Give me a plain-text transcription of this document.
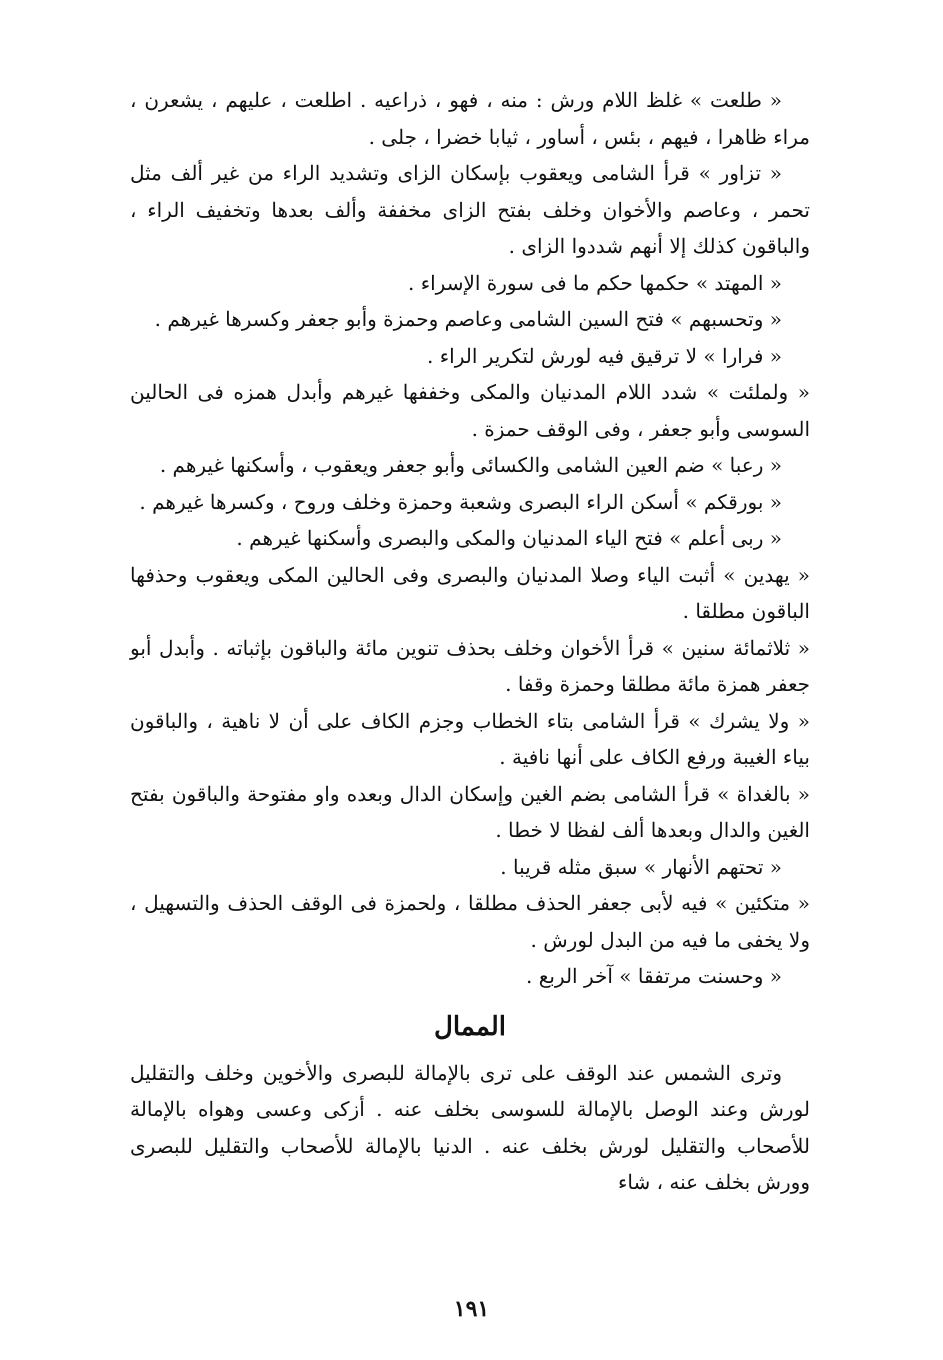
« طلعت » غلظ اللام ورش : منه ، فهو ، ذراعيه . اطلعت ، عليهم ، يشعرن ، مراء ظاهرا ، فيهم ، بئس ، أساور ، ثيابا خضرا ، جلى .

« تزاور » قرأ الشامى ويعقوب بإسكان الزاى وتشديد الراء من غير ألف مثل تحمر ، وعاصم والأخوان وخلف بفتح الزاى مخففة وألف بعدها وتخفيف الراء ، والباقون كذلك إلا أنهم شددوا الزاى .

« المهتد » حكمها حكم ما فى سورة الإسراء .

« وتحسبهم » فتح السين الشامى وعاصم وحمزة وأبو جعفر وكسرها غيرهم .

« فرارا » لا ترقيق فيه لورش لتكرير الراء .

« ولملئت » شدد اللام المدنيان والمكى وخففها غيرهم وأبدل همزه فى الحالين السوسى وأبو جعفر ، وفى الوقف حمزة .

« رعبا » ضم العين الشامى والكسائى وأبو جعفر ويعقوب ، وأسكنها غيرهم .

« بورقكم » أسكن الراء البصرى وشعبة وحمزة وخلف وروح ، وكسرها غيرهم .

« ربى أعلم » فتح الياء المدنيان والمكى والبصرى وأسكنها غيرهم .

« يهدين » أثبت الياء وصلا المدنيان والبصرى وفى الحالين المكى ويعقوب وحذفها الباقون مطلقا .

« ثلاثمائة سنين » قرأ الأخوان وخلف بحذف تنوين مائة والباقون بإثباته . وأبدل أبو جعفر همزة مائة مطلقا وحمزة وقفا .

« ولا يشرك » قرأ الشامى بتاء الخطاب وجزم الكاف على أن لا ناهية ، والباقون بياء الغيبة ورفع الكاف على أنها نافية .

« بالغداة » قرأ الشامى بضم الغين وإسكان الدال وبعده واو مفتوحة والباقون بفتح الغين والدال وبعدها ألف لفظا لا خطا .

« تحتهم الأنهار » سبق مثله قريبا .

« متكئين » فيه لأبى جعفر الحذف مطلقا ، ولحمزة فى الوقف الحذف والتسهيل ، ولا يخفى ما فيه من البدل لورش .

« وحسنت مرتفقا » آخر الربع .

الممال

وترى الشمس عند الوقف على ترى بالإمالة للبصرى والأخوين وخلف والتقليل لورش وعند الوصل بالإمالة للسوسى بخلف عنه . أزكى وعسى وهواه بالإمالة للأصحاب والتقليل لورش بخلف عنه . الدنيا بالإمالة للأصحاب والتقليل للبصرى وورش بخلف عنه ، شاء

١٩١
